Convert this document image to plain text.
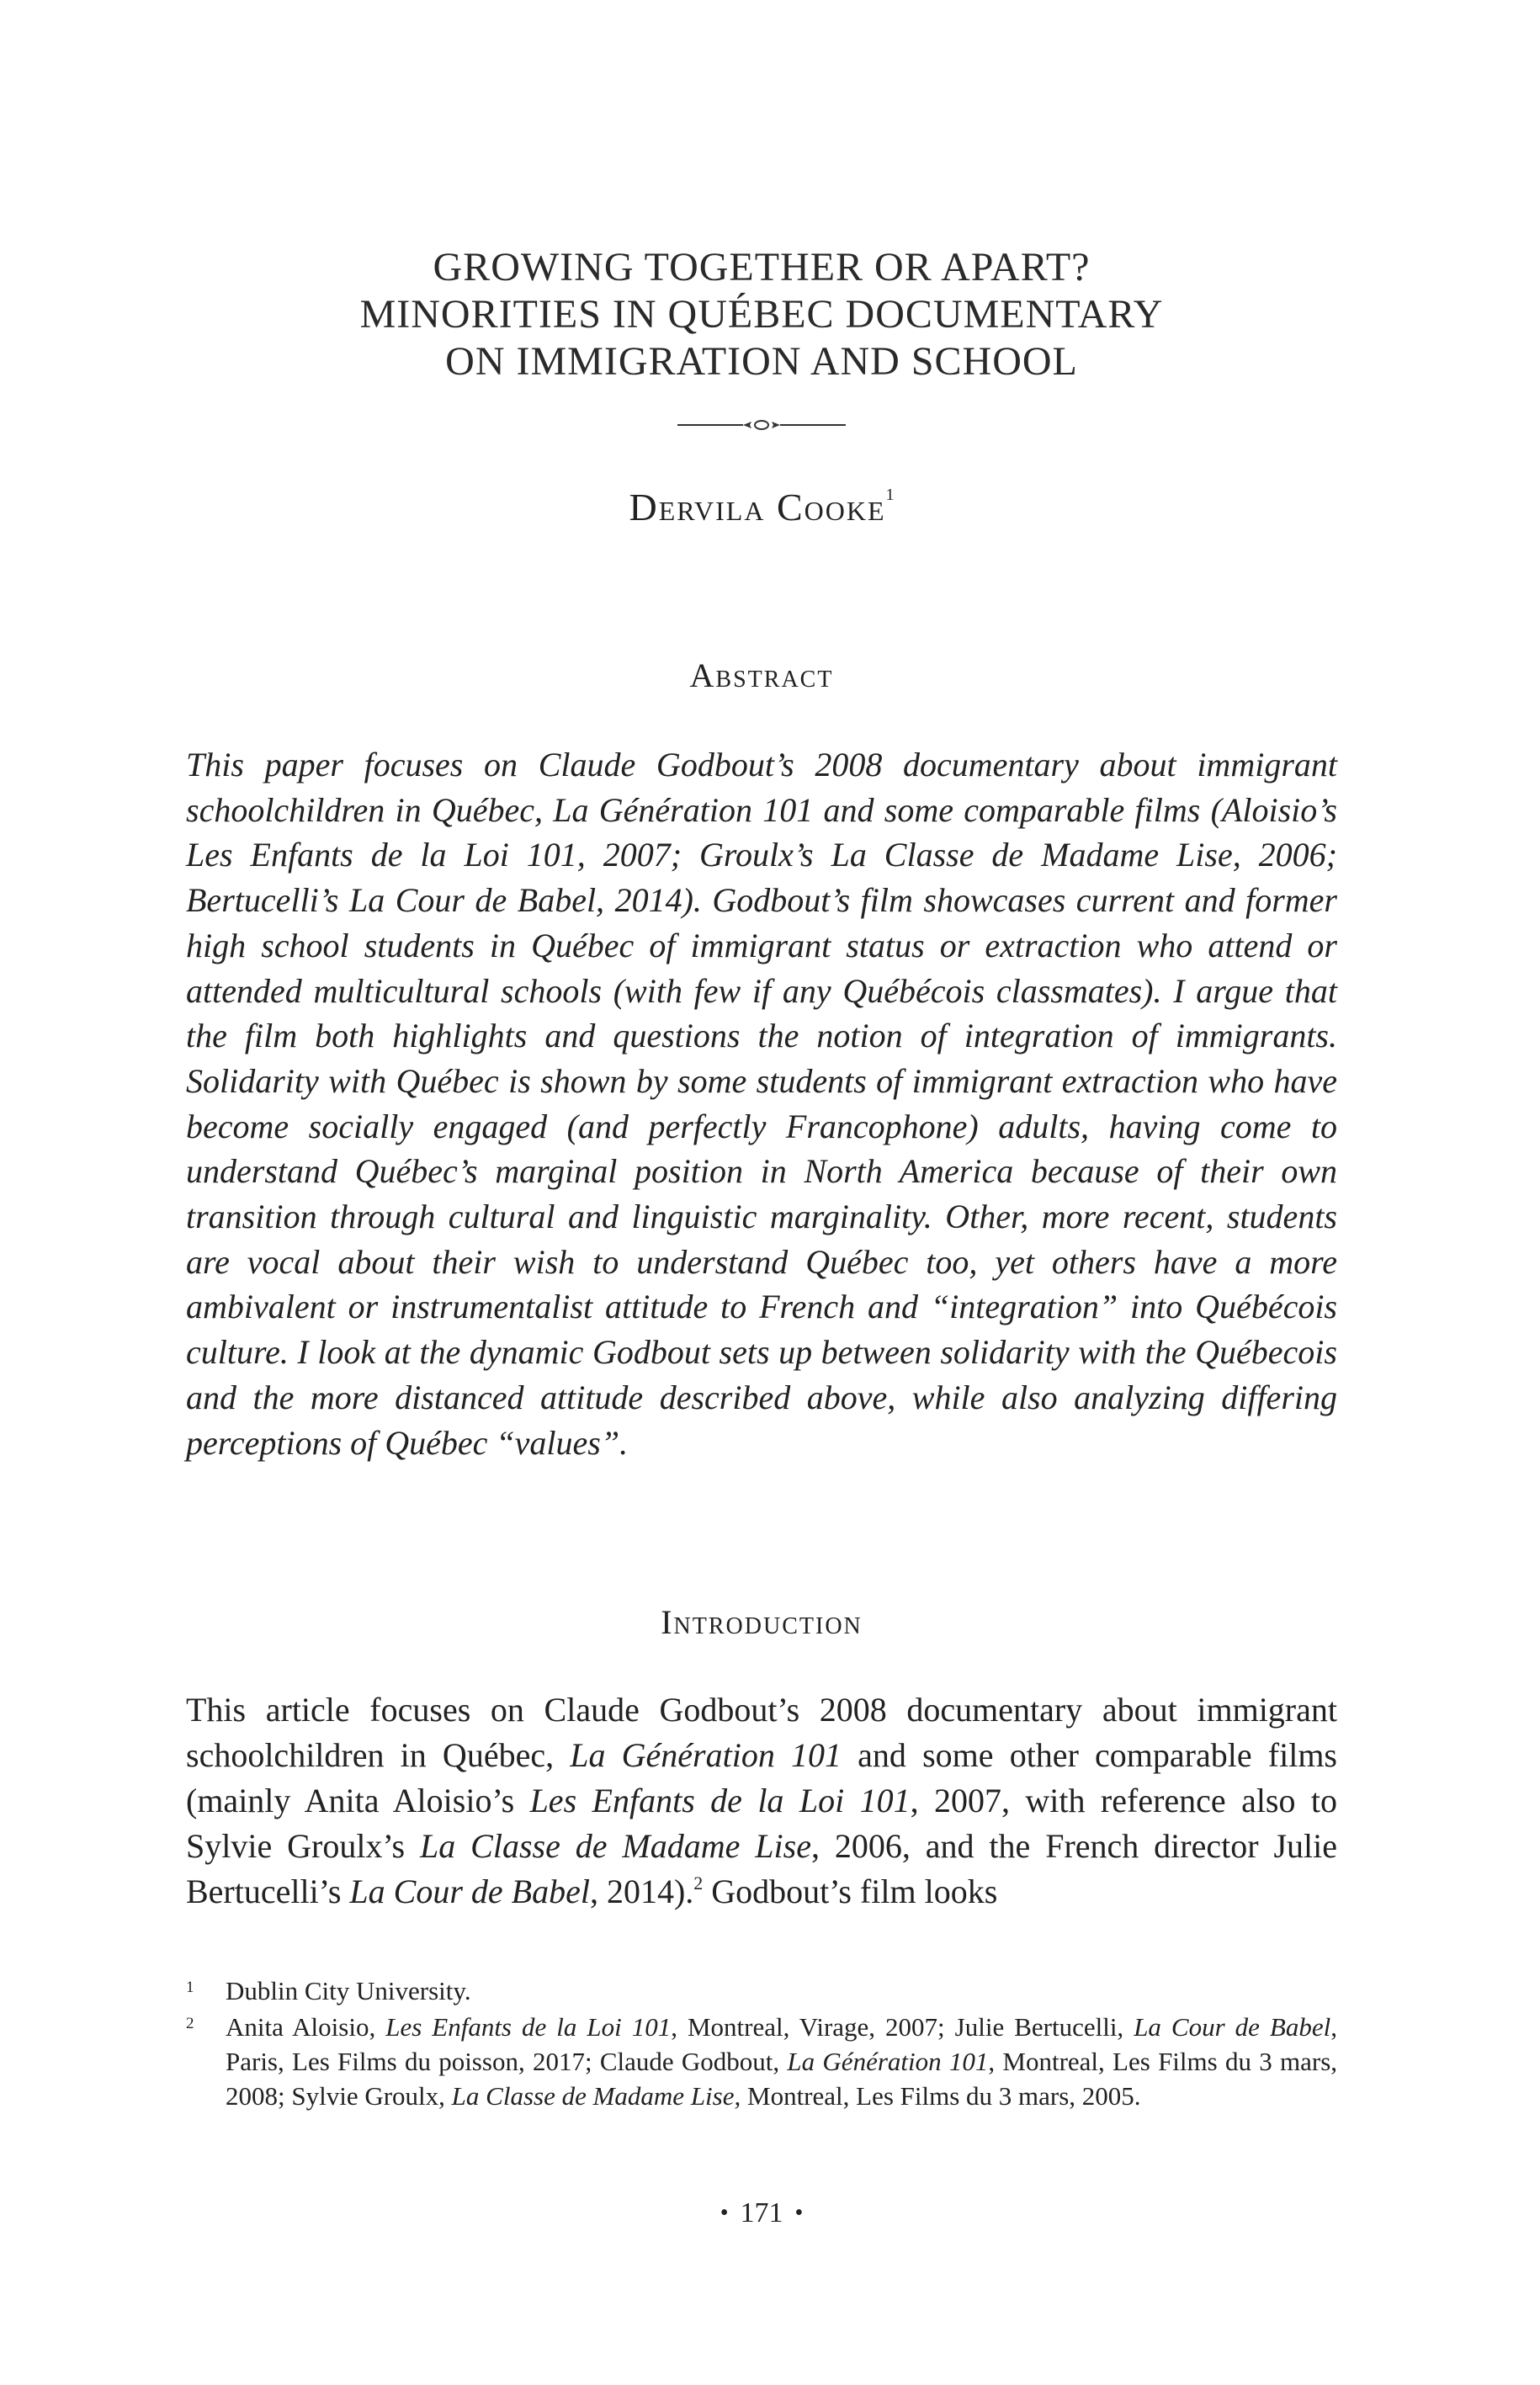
GROWING TOGETHER OR APART?
MINORITIES IN QUÉBEC DOCUMENTARY
ON IMMIGRATION AND SCHOOL
Dervila Cooke$^1$
Abstract
This paper focuses on Claude Godbout’s 2008 documentary about immigrant schoolchildren in Québec, La Génération 101 and some comparable films (Aloisio’s Les Enfants de la Loi 101, 2007; Groulx’s La Classe de Madame Lise, 2006; Bertucelli’s La Cour de Babel, 2014). Godbout’s film showcases current and former high school students in Québec of immigrant status or extraction who attend or attended multicultural schools (with few if any Québécois classmates). I argue that the film both highlights and questions the notion of integration of immigrants. Solidarity with Québec is shown by some students of immigrant extraction who have become socially engaged (and perfectly Francophone) adults, having come to understand Québec’s marginal position in North America because of their own transition through cultural and linguistic marginality. Other, more recent, students are vocal about their wish to understand Québec too, yet others have a more ambivalent or instrumentalist attitude to French and “integration” into Québécois culture. I look at the dynamic Godbout sets up between solidarity with the Québecois and the more distanced attitude described above, while also analyzing differing perceptions of Québec “values”.
Introduction
This article focuses on Claude Godbout’s 2008 documentary about immigrant schoolchildren in Québec, La Génération 101 and some other comparable films (mainly Anita Aloisio’s Les Enfants de la Loi 101, 2007, with reference also to Sylvie Groulx’s La Classe de Madame Lise, 2006, and the French director Julie Bertucelli’s La Cour de Babel, 2014).$^2$ Godbout’s film looks
1 Dublin City University.
2 Anita Aloisio, Les Enfants de la Loi 101, Montreal, Virage, 2007; Julie Bertucelli, La Cour de Babel, Paris, Les Films du poisson, 2017; Claude Godbout, La Génération 101, Montreal, Les Films du 3 mars, 2008; Sylvie Groulx, La Classe de Madame Lise, Montreal, Les Films du 3 mars, 2005.
• 171 •
